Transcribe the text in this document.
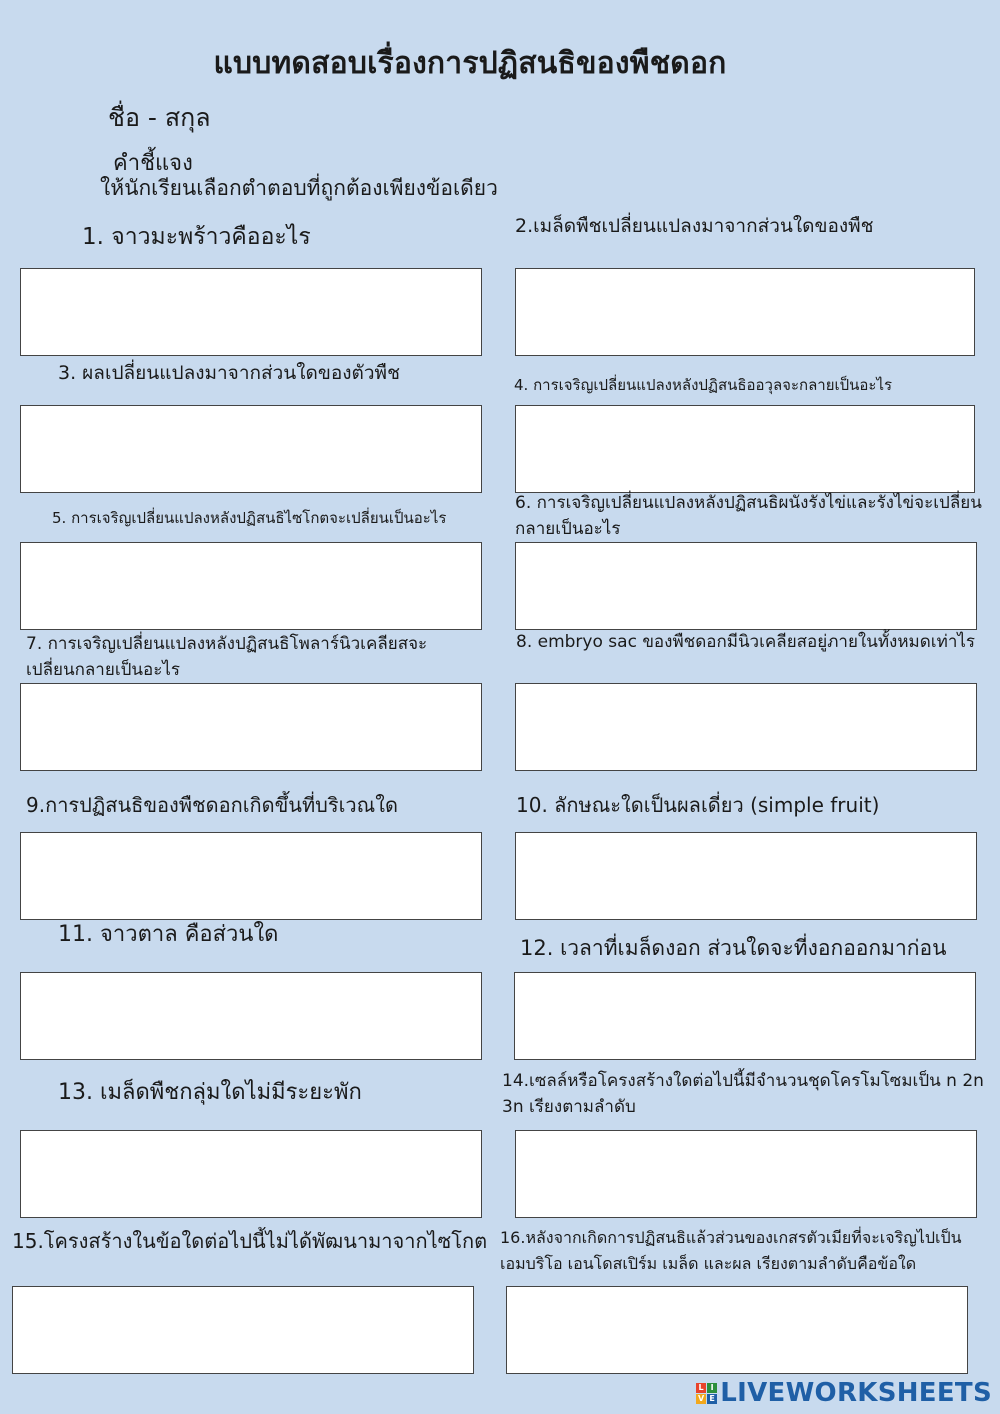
แบบทดสอบเรื่องการปฏิสนธิของพืชดอก
ชื่อ - สกุล
คำชี้แจง
ให้นักเรียนเลือกตำตอบที่ถูกต้องเพียงข้อเดียว
1. จาวมะพร้าวคืออะไร	2.เมล็ดพืชเปลี่ยนแปลงมาจากส่วนใดของพืช
3. ผลเปลี่ยนแปลงมาจากส่วนใดของตัวพืช
4. การเจริญเปลี่ยนแปลงหลังปฏิสนธิออวุลจะกลายเป็นอะไร
5. การเจริญเปลี่ยนแปลงหลังปฏิสนธิไซโกตจะเปลี่ยนเป็นอะไร
6. การเจริญเปลี่ยนแปลงหลังปฏิสนธิผนังรังไข่และรังไข่จะเปลี่ยนกลายเป็นอะไร
7. การเจริญเปลี่ยนแปลงหลังปฏิสนธิโพลาร์นิวเคลียสจะเปลี่ยนกลายเป็นอะไร
8. embryo sac ของพืชดอกมีนิวเคลียสอยู่ภายในทั้งหมดเท่าไร
9.การปฏิสนธิของพืชดอกเกิดขึ้นที่บริเวณใด	10. ลักษณะใดเป็นผลเดี่ยว (simple fruit)
11. จาวตาล คือส่วนใด
12. เวลาที่เมล็ดงอก ส่วนใดจะที่งอกออกมาก่อน
13. เมล็ดพืชกลุ่มใดไม่มีระยะพัก	14.เซลล์หรือโครงสร้างใดต่อไปนี้มีจำนวนชุดโครโมโซมเป็น n 2n 3n เรียงตามลำดับ
15.โครงสร้างในข้อใดต่อไปนี้ไม่ได้พัฒนามาจากไซโกต 16.หลังจากเกิดการปฏิสนธิแล้วส่วนของเกสรตัวเมียที่จะเจริญไปเป็นเอมบริโอ เอนโดสเปิร์ม เมล็ด และผล เรียงตามลำดับคือข้อใด
L I
V E LIVEWORKSHEETS
